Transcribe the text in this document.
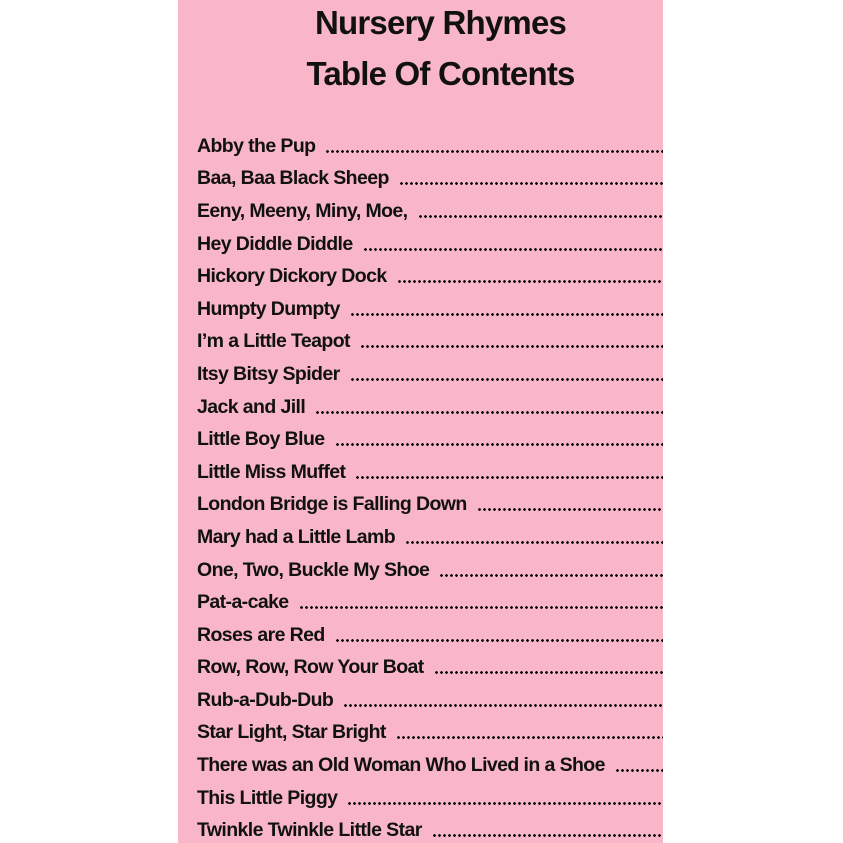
Nursery Rhymes
Table Of Contents
Abby the Pup
Baa, Baa Black Sheep
Eeny, Meeny, Miny, Moe,
Hey Diddle Diddle
Hickory Dickory Dock
Humpty Dumpty
I’m a Little Teapot
Itsy Bitsy Spider
Jack and Jill
Little Boy Blue
Little Miss Muffet
London Bridge is Falling Down
Mary had a Little Lamb
One, Two, Buckle My Shoe
Pat-a-cake
Roses are Red
Row, Row, Row Your Boat
Rub-a-Dub-Dub
Star Light, Star Bright
There was an Old Woman Who Lived in a Shoe
This Little Piggy
Twinkle Twinkle Little Star
